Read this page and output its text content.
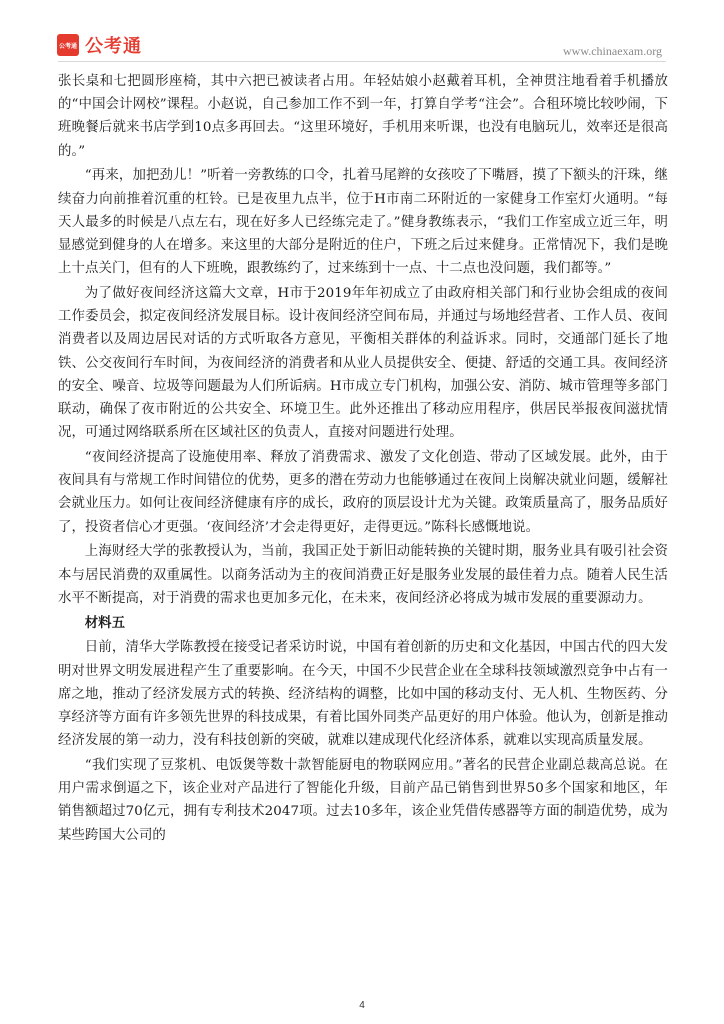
公考通 公考通	www.chinaexam.org

张长桌和七把圆形座椅，其中六把已被读者占用。年轻姑娘小赵戴着耳机，全神贯注地看着手机播放的“中国会计网校”课程。小赵说，自己参加工作不到一年，打算自学考“注会”。合租环境比较吵闹，下班晚餐后就来书店学到10点多再回去。“这里环境好，手机用来听课，也没有电脑玩儿，效率还是很高的。”

“再来，加把劲儿！”听着一旁教练的口令，扎着马尾辫的女孩咬了下嘴唇，摸了下额头的汗珠，继续奋力向前推着沉重的杠铃。已是夜里九点半，位于H市南二环附近的一家健身工作室灯火通明。“每天人最多的时候是八点左右，现在好多人已经练完走了。”健身教练表示，“我们工作室成立近三年，明显感觉到健身的人在增多。来这里的大部分是附近的住户，下班之后过来健身。正常情况下，我们是晚上十点关门，但有的人下班晚，跟教练约了，过来练到十一点、十二点也没问题，我们都等。”

为了做好夜间经济这篇大文章，H市于2019年年初成立了由政府相关部门和行业协会组成的夜间工作委员会，拟定夜间经济发展目标。设计夜间经济空间布局，并通过与场地经营者、工作人员、夜间消费者以及周边居民对话的方式听取各方意见，平衡相关群体的利益诉求。同时，交通部门延长了地铁、公交夜间行车时间，为夜间经济的消费者和从业人员提供安全、便捷、舒适的交通工具。夜间经济的安全、噪音、垃圾等问题最为人们所诟病。H市成立专门机构，加强公安、消防、城市管理等多部门联动，确保了夜市附近的公共安全、环境卫生。此外还推出了移动应用程序，供居民举报夜间滋扰情况，可通过网络联系所在区域社区的负责人，直接对问题进行处理。

“夜间经济提高了设施使用率、释放了消费需求、激发了文化创造、带动了区域发展。此外，由于夜间具有与常规工作时间错位的优势，更多的潜在劳动力也能够通过在夜间上岗解决就业问题，缓解社会就业压力。如何让夜间经济健康有序的成长，政府的顶层设计尤为关键。政策质量高了，服务品质好了，投资者信心才更强。‘夜间经济’才会走得更好，走得更远。”陈科长感慨地说。

上海财经大学的张教授认为，当前，我国正处于新旧动能转换的关键时期，服务业具有吸引社会资本与居民消费的双重属性。以商务活动为主的夜间消费正好是服务业发展的最佳着力点。随着人民生活水平不断提高，对于消费的需求也更加多元化，在未来，夜间经济必将成为城市发展的重要源动力。

材料五

日前，清华大学陈教授在接受记者采访时说，中国有着创新的历史和文化基因，中国古代的四大发明对世界文明发展进程产生了重要影响。在今天，中国不少民营企业在全球科技领域激烈竞争中占有一席之地，推动了经济发展方式的转换、经济结构的调整，比如中国的移动支付、无人机、生物医药、分享经济等方面有许多领先世界的科技成果，有着比国外同类产品更好的用户体验。他认为，创新是推动经济发展的第一动力，没有科技创新的突破，就难以建成现代化经济体系，就难以实现高质量发展。

“我们实现了豆浆机、电饭煲等数十款智能厨电的物联网应用。”著名的民营企业副总裁高总说。在用户需求倒逼之下，该企业对产品进行了智能化升级，目前产品已销售到世界50多个国家和地区，年销售额超过70亿元，拥有专利技术2047项。过去10多年，该企业凭借传感器等方面的制造优势，成为某些跨国大公司的

4
